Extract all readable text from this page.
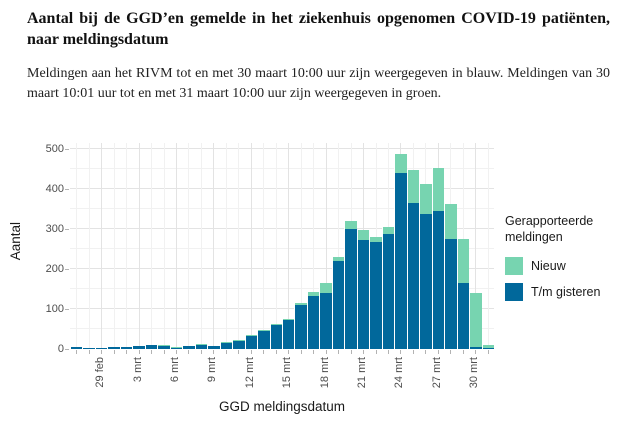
Aantal bij de GGD’en gemelde in het ziekenhuis opgenomen COVID-19 patiënten, naar meldingsdatum
Meldingen aan het RIVM tot en met 30 maart 10:00 uur zijn weergegeven in blauw. Meldingen van 30 maart 10:01 uur tot en met 31 maart 10:00 uur zijn weergegeven in groen.
Aantal
GGD meldingsdatum
Gerapporteerde meldingen
Nieuw
T/m gisteren
0
100
200
300
400
500
29 feb 3 mrt 6 mrt 9 mrt 12 mrt 15 mrt 18 mrt 21 mrt 24 mrt 27 mrt 30 mrt
